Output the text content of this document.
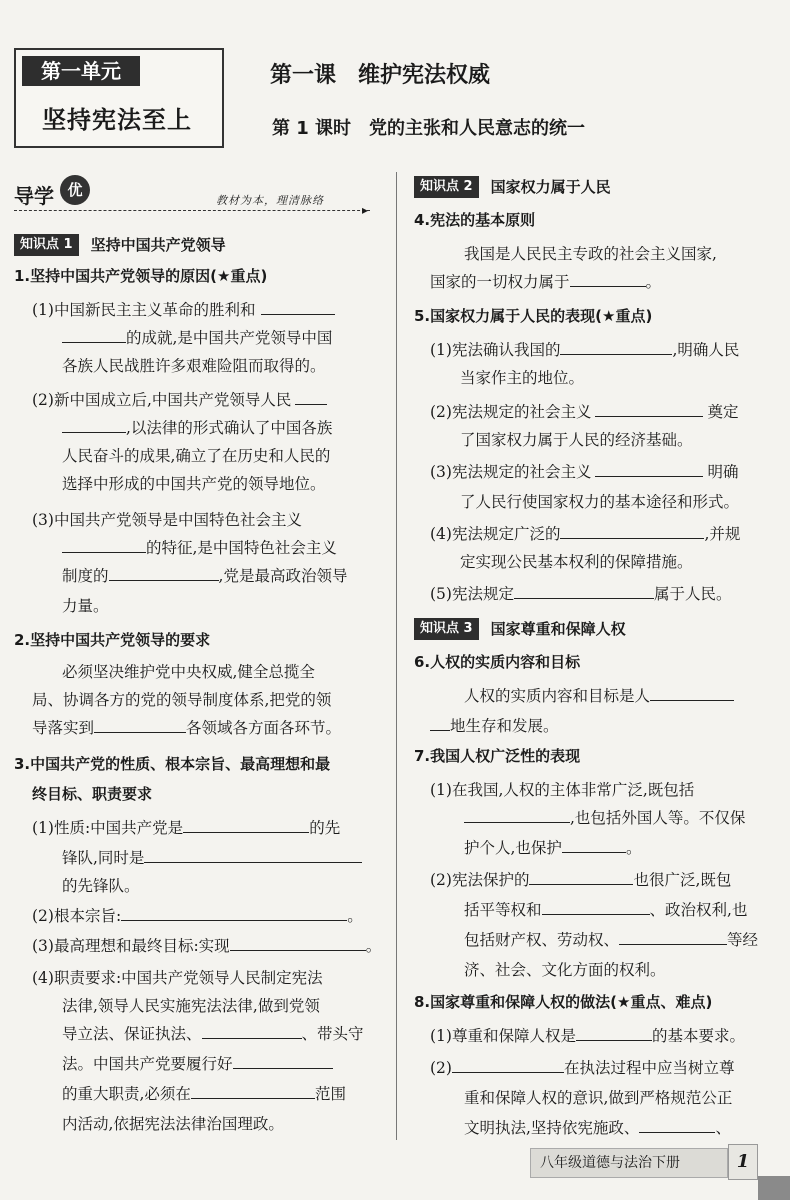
第一单元
坚持宪法至上
第一课　维护宪法权威
第 1 课时　党的主张和人民意志的统一
导学 优
教材为本，理清脉络
▸
知识点 1 坚持中国共产党领导
1.坚持中国共产党领导的原因(★重点)
(1)中国新民主主义革命的胜利和
的成就,是中国共产党领导中国
各族人民战胜许多艰难险阻而取得的。
(2)新中国成立后,中国共产党领导人民
,以法律的形式确认了中国各族
人民奋斗的成果,确立了在历史和人民的
选择中形成的中国共产党的领导地位。
(3)中国共产党领导是中国特色社会主义
的特征,是中国特色社会主义
制度的	,党是最高政治领导
力量。
2.坚持中国共产党领导的要求
必须坚决维护党中央权威,健全总揽全
局、协调各方的党的领导制度体系,把党的领
导落实到	各领域各方面各环节。
3.中国共产党的性质、根本宗旨、最高理想和最
终目标、职责要求
(1)性质:中国共产党是	的先
锋队,同时是
的先锋队。
(2)根本宗旨:	。
(3)最高理想和最终目标:实现	。
(4)职责要求:中国共产党领导人民制定宪法
法律,领导人民实施宪法法律,做到党领
导立法、保证执法、	、带头守
法。中国共产党要履行好
的重大职责,必须在	范围
内活动,依据宪法法律治国理政。
知识点 2 国家权力属于人民
4.宪法的基本原则
我国是人民民主专政的社会主义国家,
国家的一切权力属于	。
5.国家权力属于人民的表现(★重点)
(1)宪法确认我国的	,明确人民
当家作主的地位。
(2)宪法规定的社会主义	奠定
了国家权力属于人民的经济基础。
(3)宪法规定的社会主义	明确
了人民行使国家权力的基本途径和形式。
(4)宪法规定广泛的	,并规
定实现公民基本权利的保障措施。
(5)宪法规定	属于人民。
知识点 3 国家尊重和保障人权
6.人权的实质内容和目标
人权的实质内容和目标是人
地生存和发展。
7.我国人权广泛性的表现
(1)在我国,人权的主体非常广泛,既包括
,也包括外国人等。不仅保
护个人,也保护	。
(2)宪法保护的	也很广泛,既包
括平等权和	、政治权利,也
包括财产权、劳动权、	等经
济、社会、文化方面的权利。
8.国家尊重和保障人权的做法(★重点、难点)
(1)尊重和保障人权是	的基本要求。
(2)	在执法过程中应当树立尊
重和保障人权的意识,做到严格规范公正
文明执法,坚持依宪施政、	、
八年级道德与法治下册	1
